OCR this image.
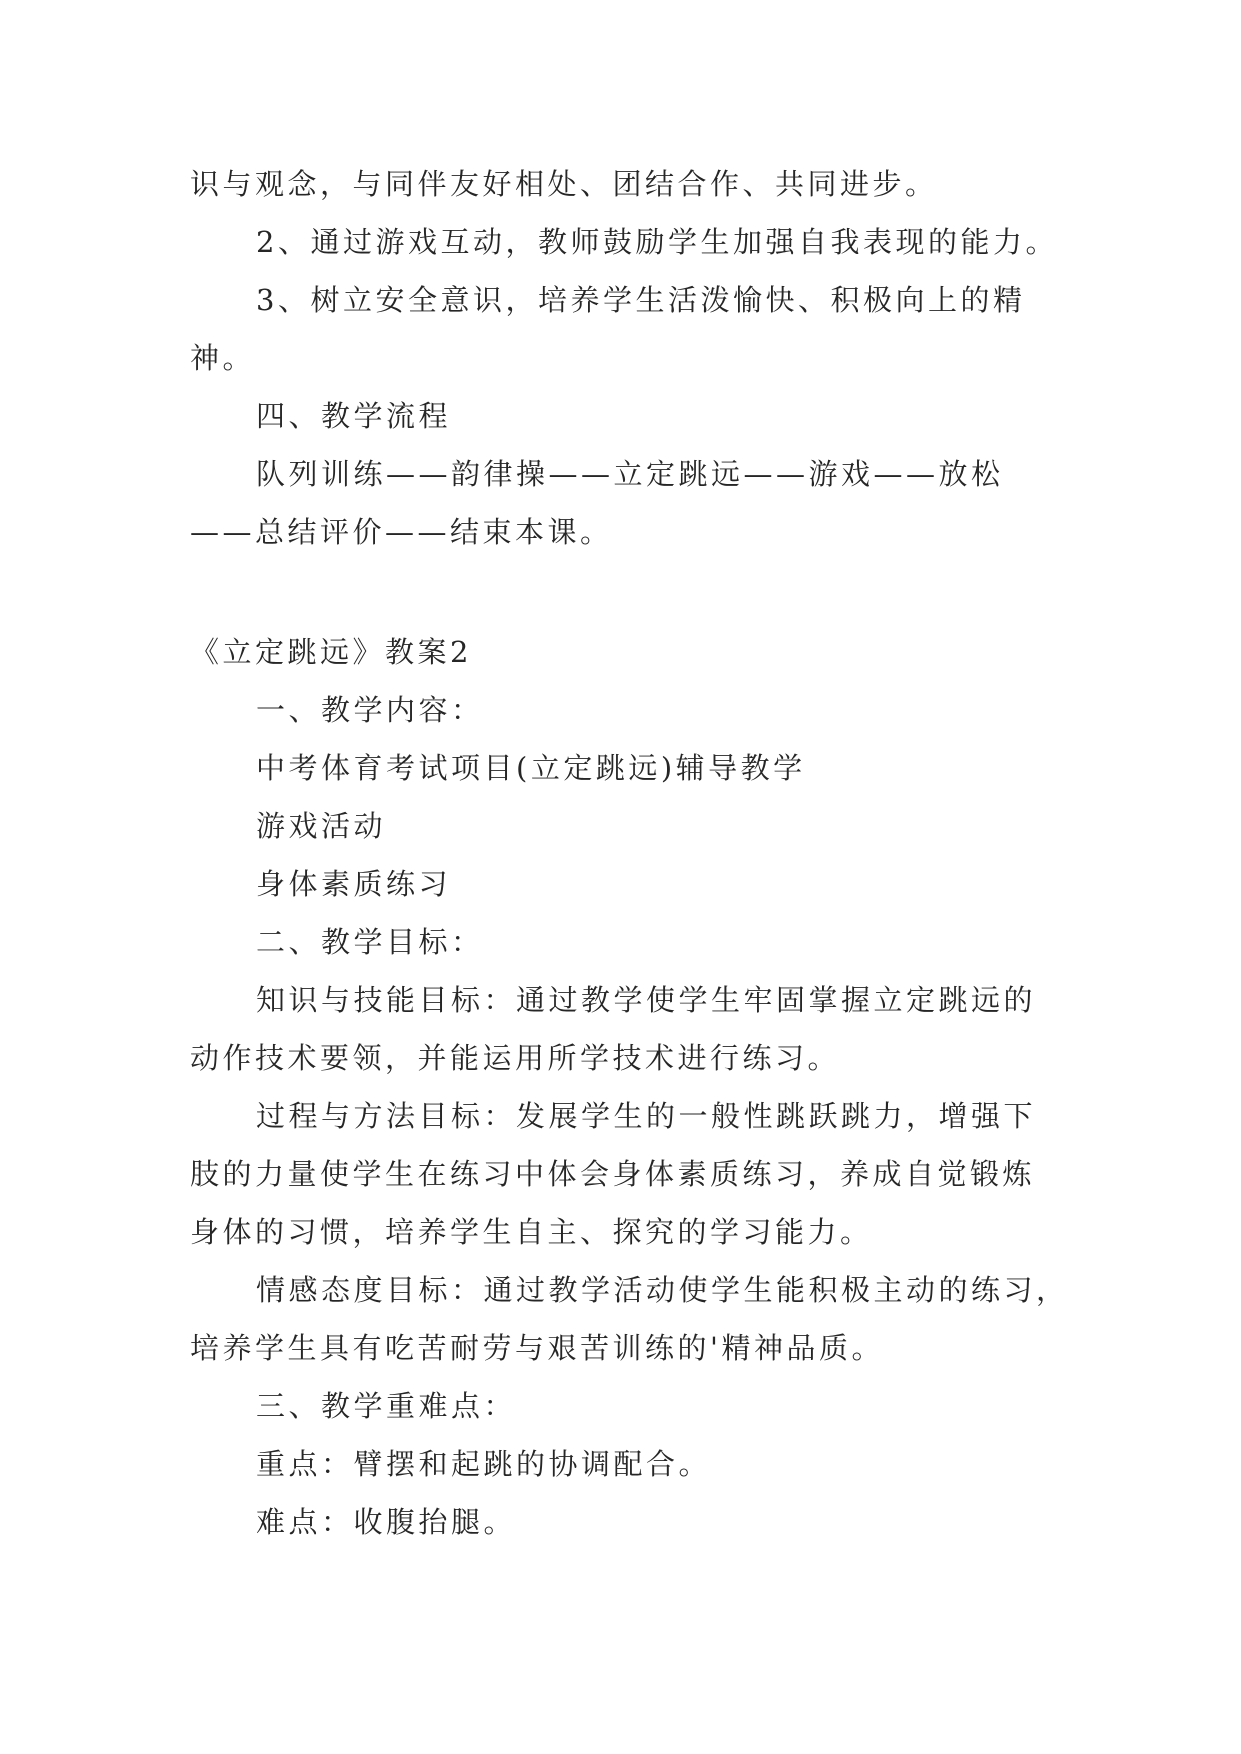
识与观念，与同伴友好相处、团结合作、共同进步。
2、通过游戏互动，教师鼓励学生加强自我表现的能力。
3、树立安全意识，培养学生活泼愉快、积极向上的精
神。
四、教学流程
队列训练——韵律操——立定跳远——游戏——放松
——总结评价——结束本课。
《立定跳远》教案2
一、教学内容：
中考体育考试项目(立定跳远)辅导教学
游戏活动
身体素质练习
二、教学目标：
知识与技能目标：通过教学使学生牢固掌握立定跳远的
动作技术要领，并能运用所学技术进行练习。
过程与方法目标：发展学生的一般性跳跃跳力，增强下
肢的力量使学生在练习中体会身体素质练习，养成自觉锻炼
身体的习惯，培养学生自主、探究的学习能力。
情感态度目标：通过教学活动使学生能积极主动的练习，
培养学生具有吃苦耐劳与艰苦训练的'精神品质。
三、教学重难点：
重点：臂摆和起跳的协调配合。
难点：收腹抬腿。
